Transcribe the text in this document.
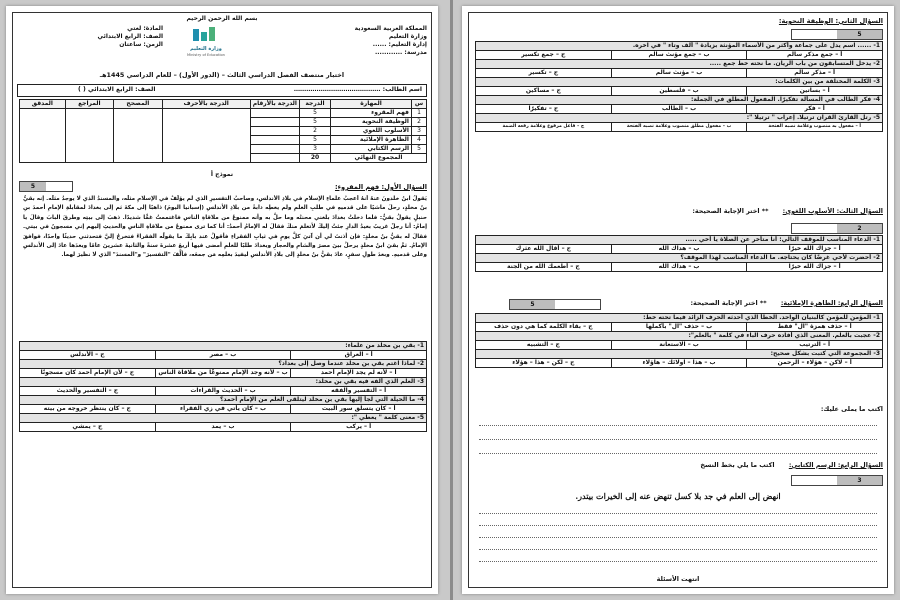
بسم الله الرحمن الرحيم
المملكة العربية السعودية
وزارة التعليم
إدارة التعليم: ......
مدرسة: ............
وزارة التعليم
Ministry of Education
المادة: لغتي
الصف: الرابع الابتدائي
الزمن: ساعتان
اختبار منتصف الفصل الدراسي الثالث – (الدور الأول) – للعام الدراسي 1445هـ
اسم الطالب: ……………………………………
الصف: الرابع الابتدائي ( )
س	المهارة	الدرجة	الدرجة بالأرقام	الدرجة بالأحرف	المصحح	المراجع	المدقق
1	فهم المقروء	5					
2	الوظيفة النحوية	5					
3	الأسلوب اللغوي	2					
4	الظاهرة الإملائية	5					
5	الرسم الكتابي	3					
المجموع النهائي		20					
نموذج أ
5	السؤال الأول: فهم المقروء:
يَقولُ ابنُ خلدونَ عنهُ أنهُ أعجبُ علماءِ الإسلامِ في بلادِ الأندلسِ، وصاحبُ التفسيرِ الذي لم يؤلَّفْ في الإسلامِ مثلُه، والمسندُ الذي لا يوجدُ مثلُه. إنه بقيُّ بنُ مخلدٍ، رحلَ ماشيًا على قدميهِ في طلبِ العلمِ ولم يعطِه دابةً من بلادِ الأندلسِ (إسبانيا اليومَ) ذاهبًا إلى مكةَ ثم إلى بغدادَ لمقابلةِ الإمامِ أحمدَ بنِ حنبلٍ يقولُ بقيٌّ: فلما دخلتُ بغدادَ بلغني محنتُه وما حلَّ به وأنه ممنوعٌ من ملاقاةِ الناسِ فاغتممتُ غمًّا شديدًا. ذهبَ إلى بيتِه وطرقَ البابَ وقالَ يا إمامُ: أنا رجلٌ غريبٌ بعيدُ الدارِ جئتُ إليكَ لأتعلمَ منكَ فقالَ له الإمامُ أحمدُ: أنا كما ترى ممنوعٌ من ملاقاةِ الناسِ والحديثِ إليهم إني مسجونٌ في بيتي. فقالَ له بقيُّ بنُ مخلدٍ: فإن أذنتَ لي أن آتيَ كلَّ يومٍ في ثيابِ الفقراءِ فأقولُ عند بابِكَ ما يقولُه الفقراءُ فتخرجُ إليَّ فتحدثني حديثًا واحدًا، فوافقَ الإمامُ. ثمَّ بقيَ ابنُ مخلدٍ يرحلُ بينَ مصرَ والشامِ والحجازِ وبغدادَ طلبًا للعلمِ أمضى فيها أربعَ عشرةَ سنةً والثانيةَ عشرينَ عامًا وبعدَها عادَ إلى الأندلسِ وعلى قدميهِ. وبعدَ طولِ سفرٍ، عادَ بقيُّ بنُ مخلدٍ إلى بلادِ الأندلسِ ليفيدَ بعلمِه مَن جمعَه، فألَّفَ "التفسيرَ" و"المسندَ" الذي لا نظيرَ لهما.
1- بقي بن مخلد من علماء:		
أ – العراق	ب – مصر	ج – الأندلس
2- لماذا اغتم بقي بن مخلد عندما وصل إلى بغداد؟		
أ – لأنه لم يجد الإمام أحمد	ب – لأنه وجد الإمام ممنوعًا من ملاقاة الناس	ج – لأن الإمام أحمد كان مسجونًا
3- العلم الذي ألفه فيه بقي بن مخلد:		
أ – التفسير والفقه	ب – الحديث والقراءات	ج – التفسير والحديث
4- ما الحيلة التي لجأ إليها بقي بن مخلد ليتلقى العلم من الإمام أحمد؟		
أ – كان يتسلق سور البيت	ب – كان يأتي في زي الفقراء	ج – كان ينتظر خروجه من بيته
5- معنى كلمة " يعطي ":		
أ – يركب	ب – يمد	ج – يمشي
السؤال الثاني: الوظيفة النحوية:
5
1- ...... اسم يدل على جماعة وأكثر من الأسماء المؤنثة بزيادة " ألف وتاء " في آخره.		
أ – جمع مذكر سالم	ب – جمع مؤنث سالم	ج – جمع تكسير
2- يدخل المتسابقون من باب الريان. ما نحته خط جمع .....		
أ – مذكر سالم	ب – مؤنث سالم	ج – تكسير
3- الكلمة المختلفة من بين الكلمات:		
أ – بساتين	ب – فلسطين	ج – مساكين
4- فكر الطالب في المسألة تفكيرًا. المفعول المطلق في الجملة:		
أ – فكر	ب – الطالب	ج – تفكيرًا
5- رتل القارئ القرآن ترتيلًا. إعراب " ترتيلًا ":		
أ – مفعول به منصوب وعلامة نصبه الفتحة	ب – مفعول مطلق منصوب وعلامة نصبه الفتحة	ج – فاعل مرفوع وعلامة رفعه الضمة
السؤال الثالث: الأسلوب اللغوي: ** اختر الإجابة الصحيحة:
2
1- الدعاء المناسب للموقف التالي: أنا متأخر عن الصلاة يا أخي .....		
أ – جزاك الله خيرًا	ب – هداك الله	ج – أقال الله عثرك
2- أحضرت لأخي غرضًا كان يحتاجه. ما الدعاء المناسب لهذا الموقف؟		
أ – جزاك الله خيرًا	ب – هداك الله	ج – أطعمك الله من الجنة
السؤال الرابع: الظاهرة الإملائية: ** اختر الإجابة الصحيحة:
5
1- المؤمن للمؤمن كالبنيان الواحد. الخطأ الذي أحدثه الحرف الزائد فيما تحته خط:		
أ – حذف همزة "ال" فقط	ب – حذف "ال" بأكملها	ج – بقاء الكلمة كما هي دون حذف
2- عجبت بالعلم. المعنى الذي أفاده حرف الباء في كلمة " بالعلم":		
أ – الترتيب	ب – الاستعانة	ج – التشبيه
3- المجموعة التي كتبت بشكل صحيح:		
أ – لاكن – هؤلاء – الرحمن	ب – هذا – اولائك – هاؤلاء	ج – لكن – هذا – هؤلاء
اكتب ما يملى عليك:
السؤال الرابع: الرسم الكتابي: اكتب ما يلي بخط النسخ
3
انهض إلى العلم في جد بلا كسل تنهض عنه إلى الخيرات بيتدر.
انتهت الأسئلة
